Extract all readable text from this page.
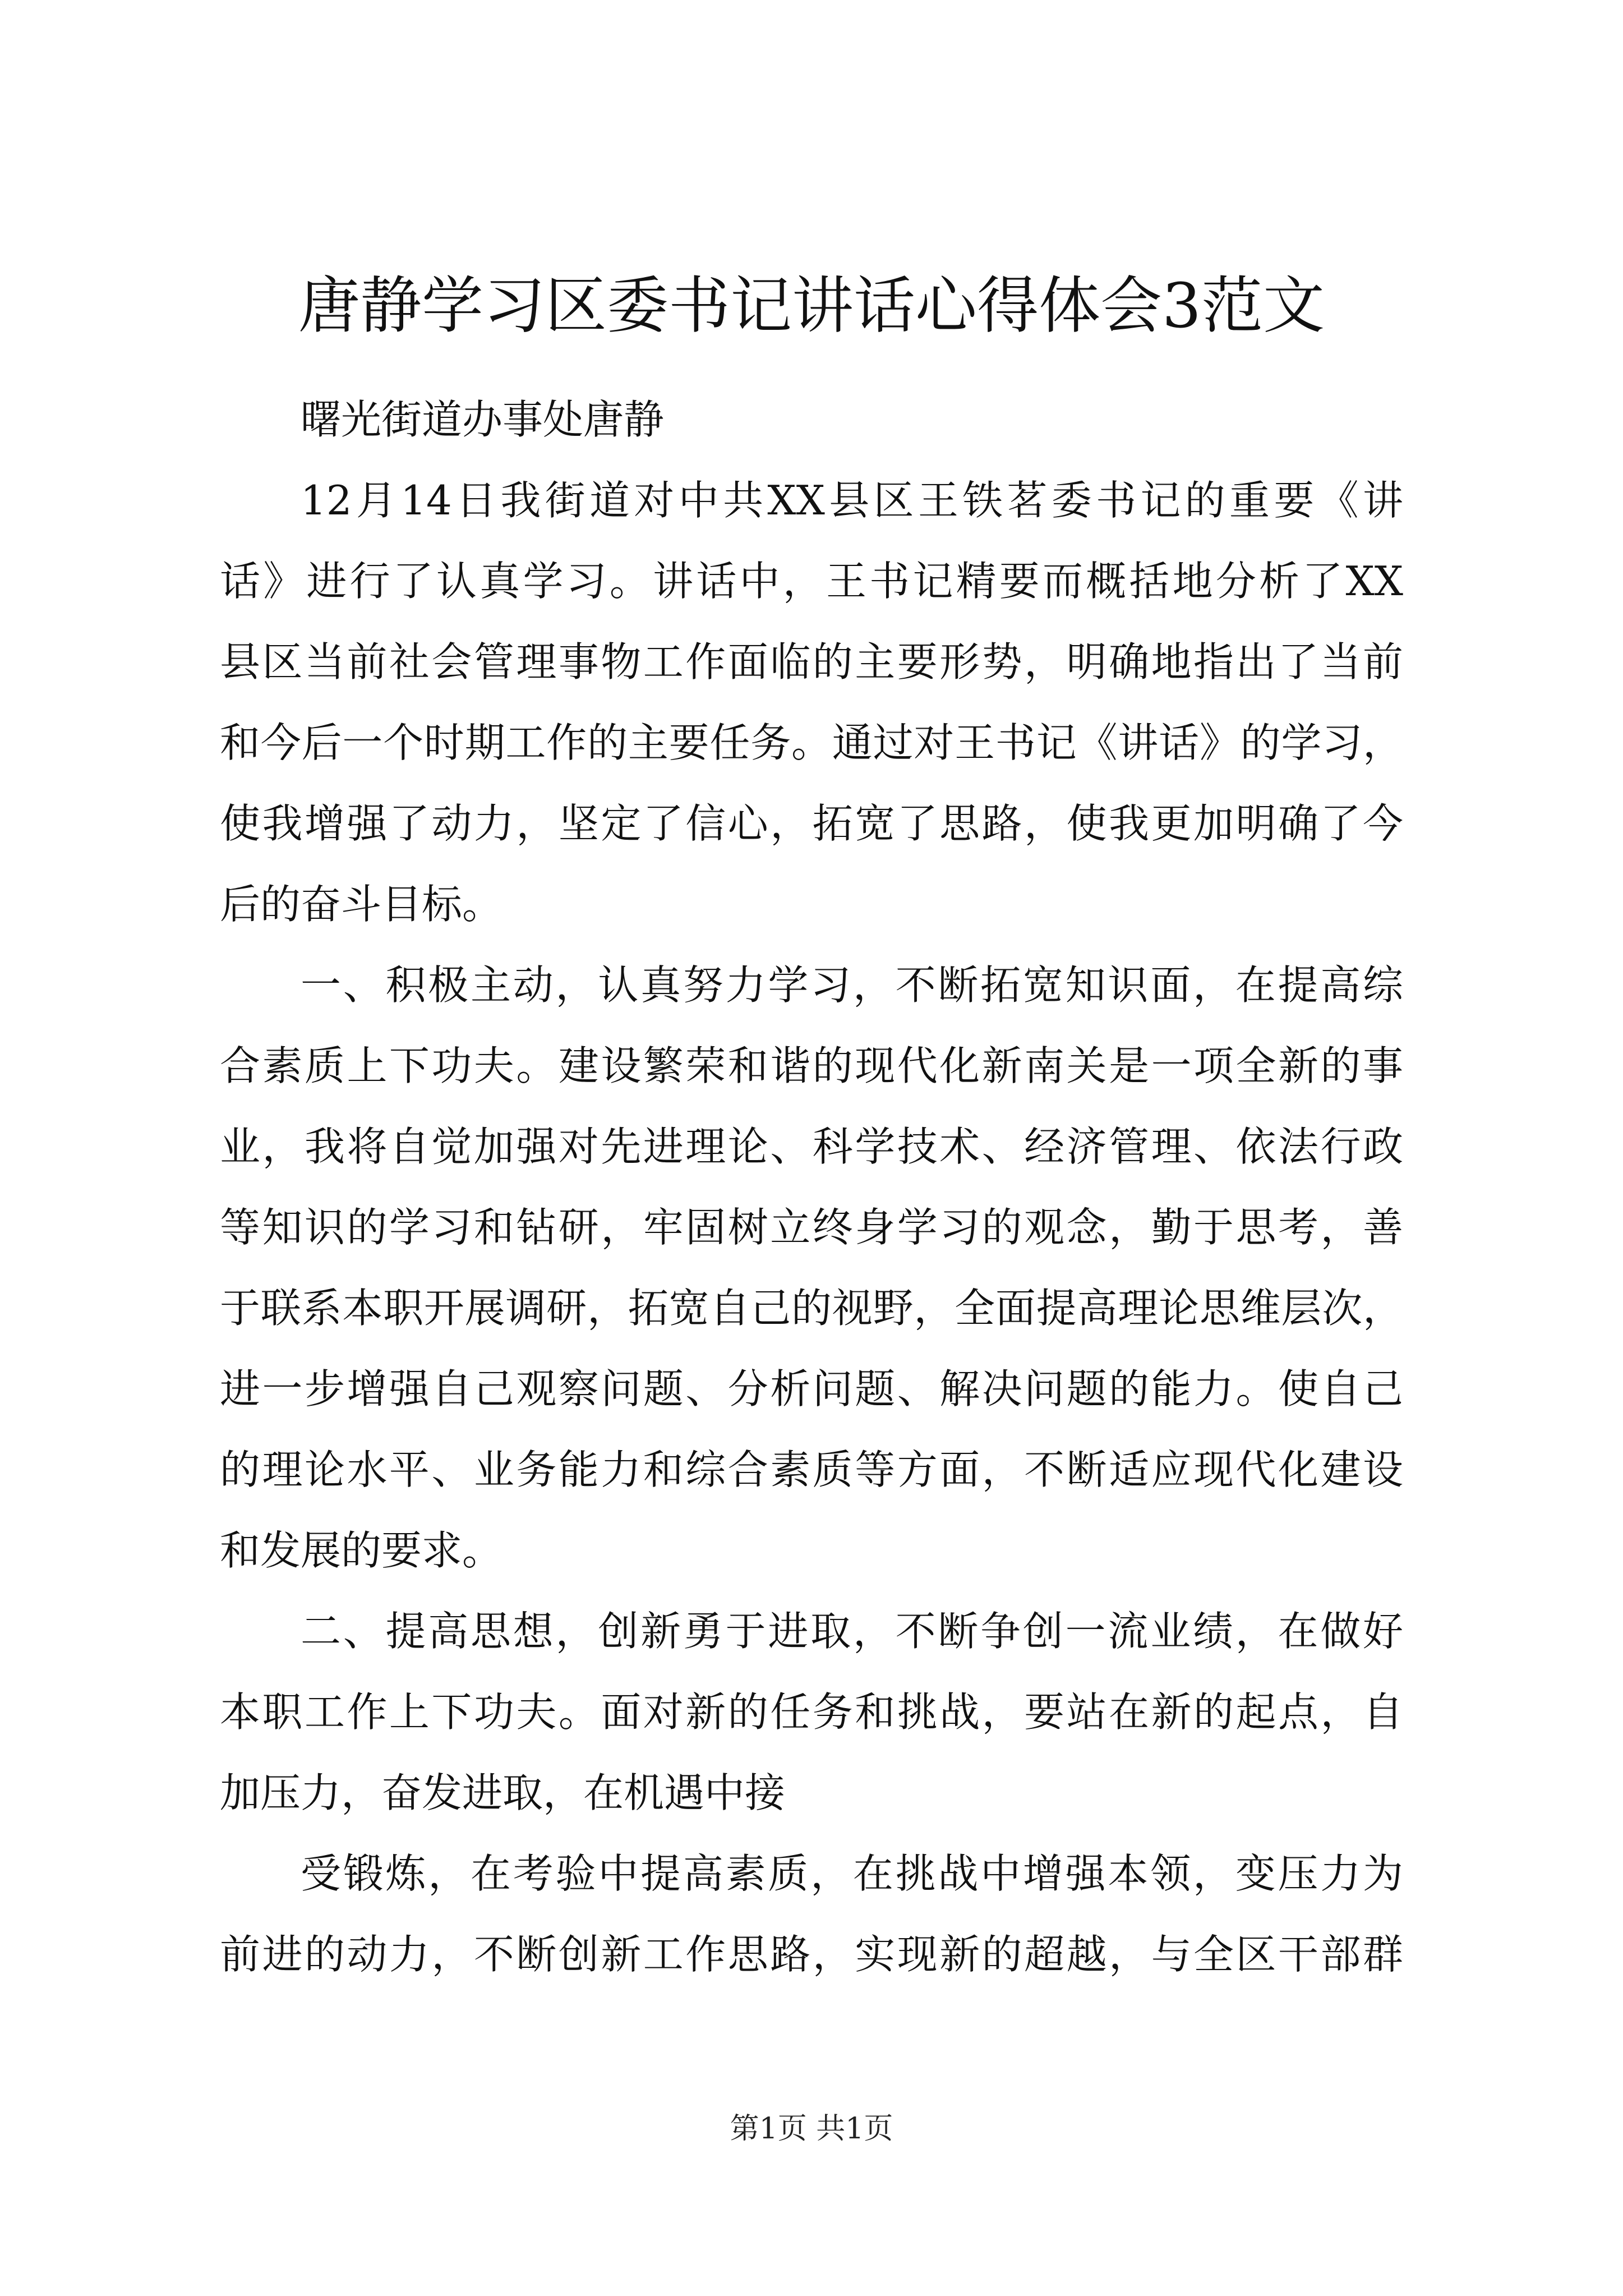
唐静学习区委书记讲话心得体会3范文

曙光街道办事处唐静

12月14日我街道对中共XX县区王铁茗委书记的重要《讲

话》进行了认真学习。讲话中，王书记精要而概括地分析了XX

县区当前社会管理事物工作面临的主要形势，明确地指出了当前

和今后一个时期工作的主要任务。通过对王书记《讲话》的学习，

使我增强了动力，坚定了信心，拓宽了思路，使我更加明确了今

后的奋斗目标。

一、积极主动，认真努力学习，不断拓宽知识面，在提高综

合素质上下功夫。建设繁荣和谐的现代化新南关是一项全新的事

业，我将自觉加强对先进理论、科学技术、经济管理、依法行政

等知识的学习和钻研，牢固树立终身学习的观念，勤于思考，善

于联系本职开展调研，拓宽自己的视野，全面提高理论思维层次，

进一步增强自己观察问题、分析问题、解决问题的能力。使自己

的理论水平、业务能力和综合素质等方面，不断适应现代化建设

和发展的要求。

二、提高思想，创新勇于进取，不断争创一流业绩，在做好

本职工作上下功夫。面对新的任务和挑战，要站在新的起点，自

加压力，奋发进取，在机遇中接

受锻炼，在考验中提高素质，在挑战中增强本领，变压力为

前进的动力，不断创新工作思路，实现新的超越，与全区干部群

第1页 共1页
